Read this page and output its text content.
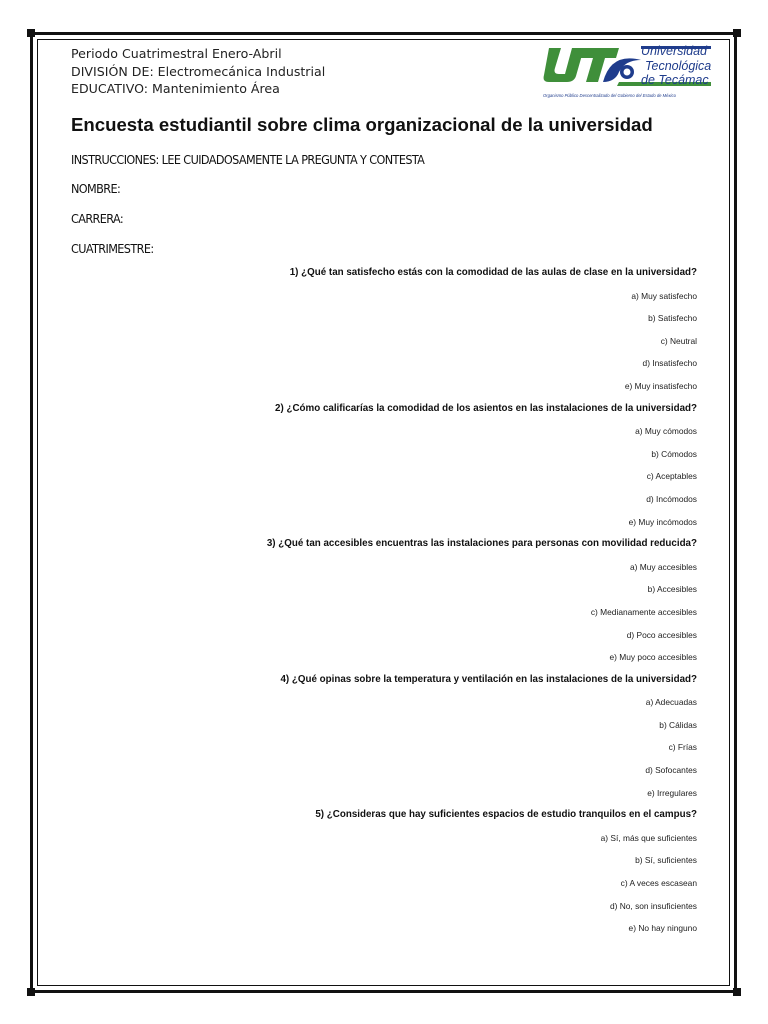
Periodo Cuatrimestral Enero-Abril
DIVISIÓN DE: Electromecánica Industrial
EDUCATIVO: Mantenimiento Área
Universidad
Tecnológica
de Tecámac
Organismo Público Descentralizado del Gobierno del Estado de México
Encuesta estudiantil sobre clima organizacional de la universidad
INSTRUCCIONES: LEE CUIDADOSAMENTE LA PREGUNTA Y CONTESTA
NOMBRE:
CARRERA:
CUATRIMESTRE:
1) ¿Qué tan satisfecho estás con la comodidad de las aulas de clase en la universidad?
a) Muy satisfecho
b) Satisfecho
c) Neutral
d) Insatisfecho
e) Muy insatisfecho
2) ¿Cómo calificarías la comodidad de los asientos en las instalaciones de la universidad?
a) Muy cómodos
b) Cómodos
c) Aceptables
d) Incómodos
e) Muy incómodos
3) ¿Qué tan accesibles encuentras las instalaciones para personas con movilidad reducida?
a) Muy accesibles
b) Accesibles
c) Medianamente accesibles
d) Poco accesibles
e) Muy poco accesibles
4) ¿Qué opinas sobre la temperatura y ventilación en las instalaciones de la universidad?
a) Adecuadas
b) Cálidas
c) Frías
d) Sofocantes
e) Irregulares
5) ¿Consideras que hay suficientes espacios de estudio tranquilos en el campus?
a) Sí, más que suficientes
b) Sí, suficientes
c) A veces escasean
d) No, son insuficientes
e) No hay ninguno
